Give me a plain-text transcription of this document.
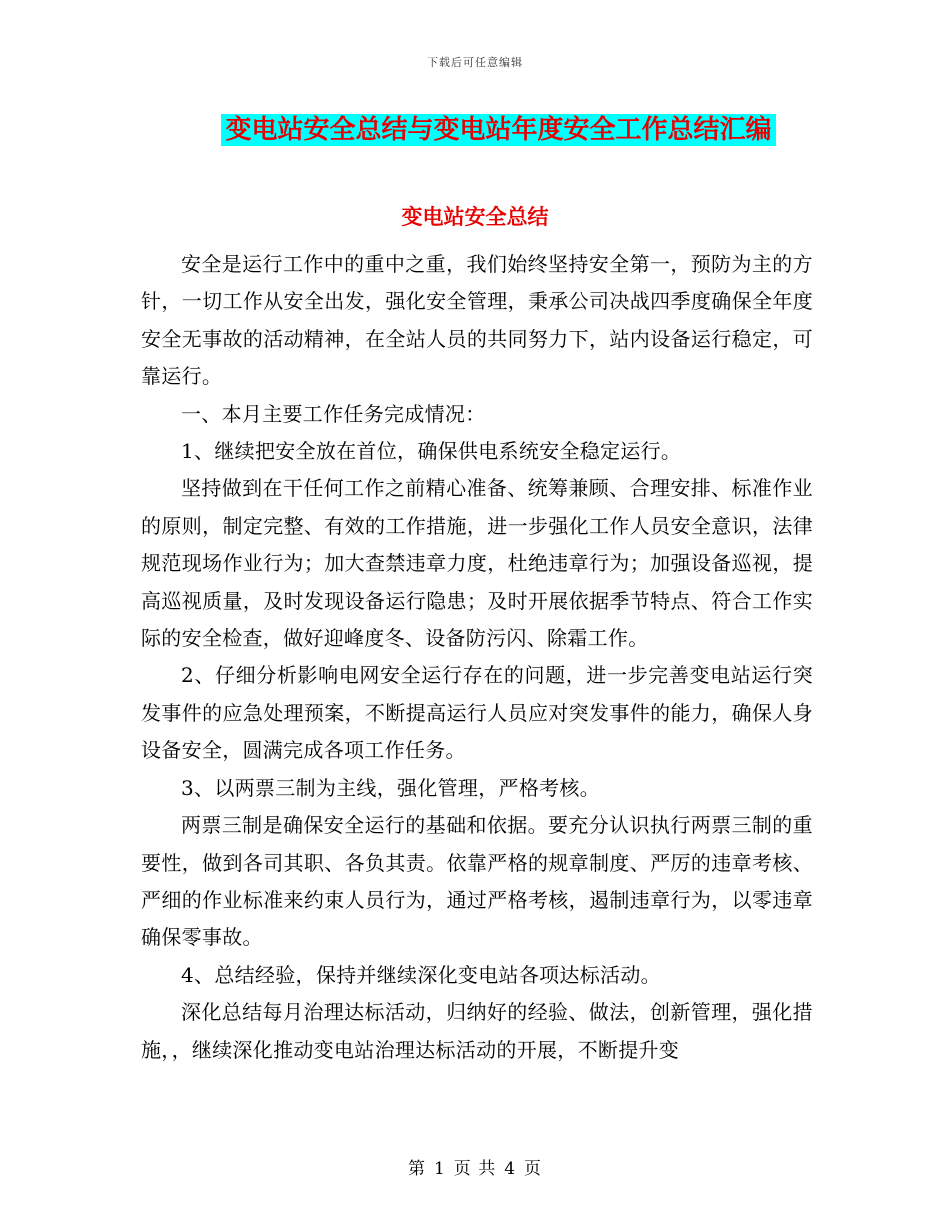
下载后可任意编辑
变电站安全总结与变电站年度安全工作总结汇编
变电站安全总结

安全是运行工作中的重中之重，我们始终坚持安全第一，预防为主的方针，一切工作从安全出发，强化安全管理，秉承公司决战四季度确保全年度安全无事故的活动精神，在全站人员的共同努力下，站内设备运行稳定，可靠运行。

一、本月主要工作任务完成情况：

1、继续把安全放在首位，确保供电系统安全稳定运行。

坚持做到在干任何工作之前精心准备、统筹兼顾、合理安排、标准作业的原则，制定完整、有效的工作措施，进一步强化工作人员安全意识，法律规范现场作业行为；加大查禁违章力度，杜绝违章行为；加强设备巡视，提高巡视质量，及时发现设备运行隐患；及时开展依据季节特点、符合工作实际的安全检查，做好迎峰度冬、设备防污闪、除霜工作。

2、仔细分析影响电网安全运行存在的问题，进一步完善变电站运行突发事件的应急处理预案，不断提高运行人员应对突发事件的能力，确保人身设备安全，圆满完成各项工作任务。

3、以两票三制为主线，强化管理，严格考核。

两票三制是确保安全运行的基础和依据。要充分认识执行两票三制的重要性，做到各司其职、各负其责。依靠严格的规章制度、严厉的违章考核、严细的作业标准来约束人员行为，通过严格考核，遏制违章行为，以零违章确保零事故。

4、总结经验，保持并继续深化变电站各项达标活动。

深化总结每月治理达标活动，归纳好的经验、做法，创新管理，强化措施，，继续深化推动变电站治理达标活动的开展，不断提升变

第 1 页 共 4 页
